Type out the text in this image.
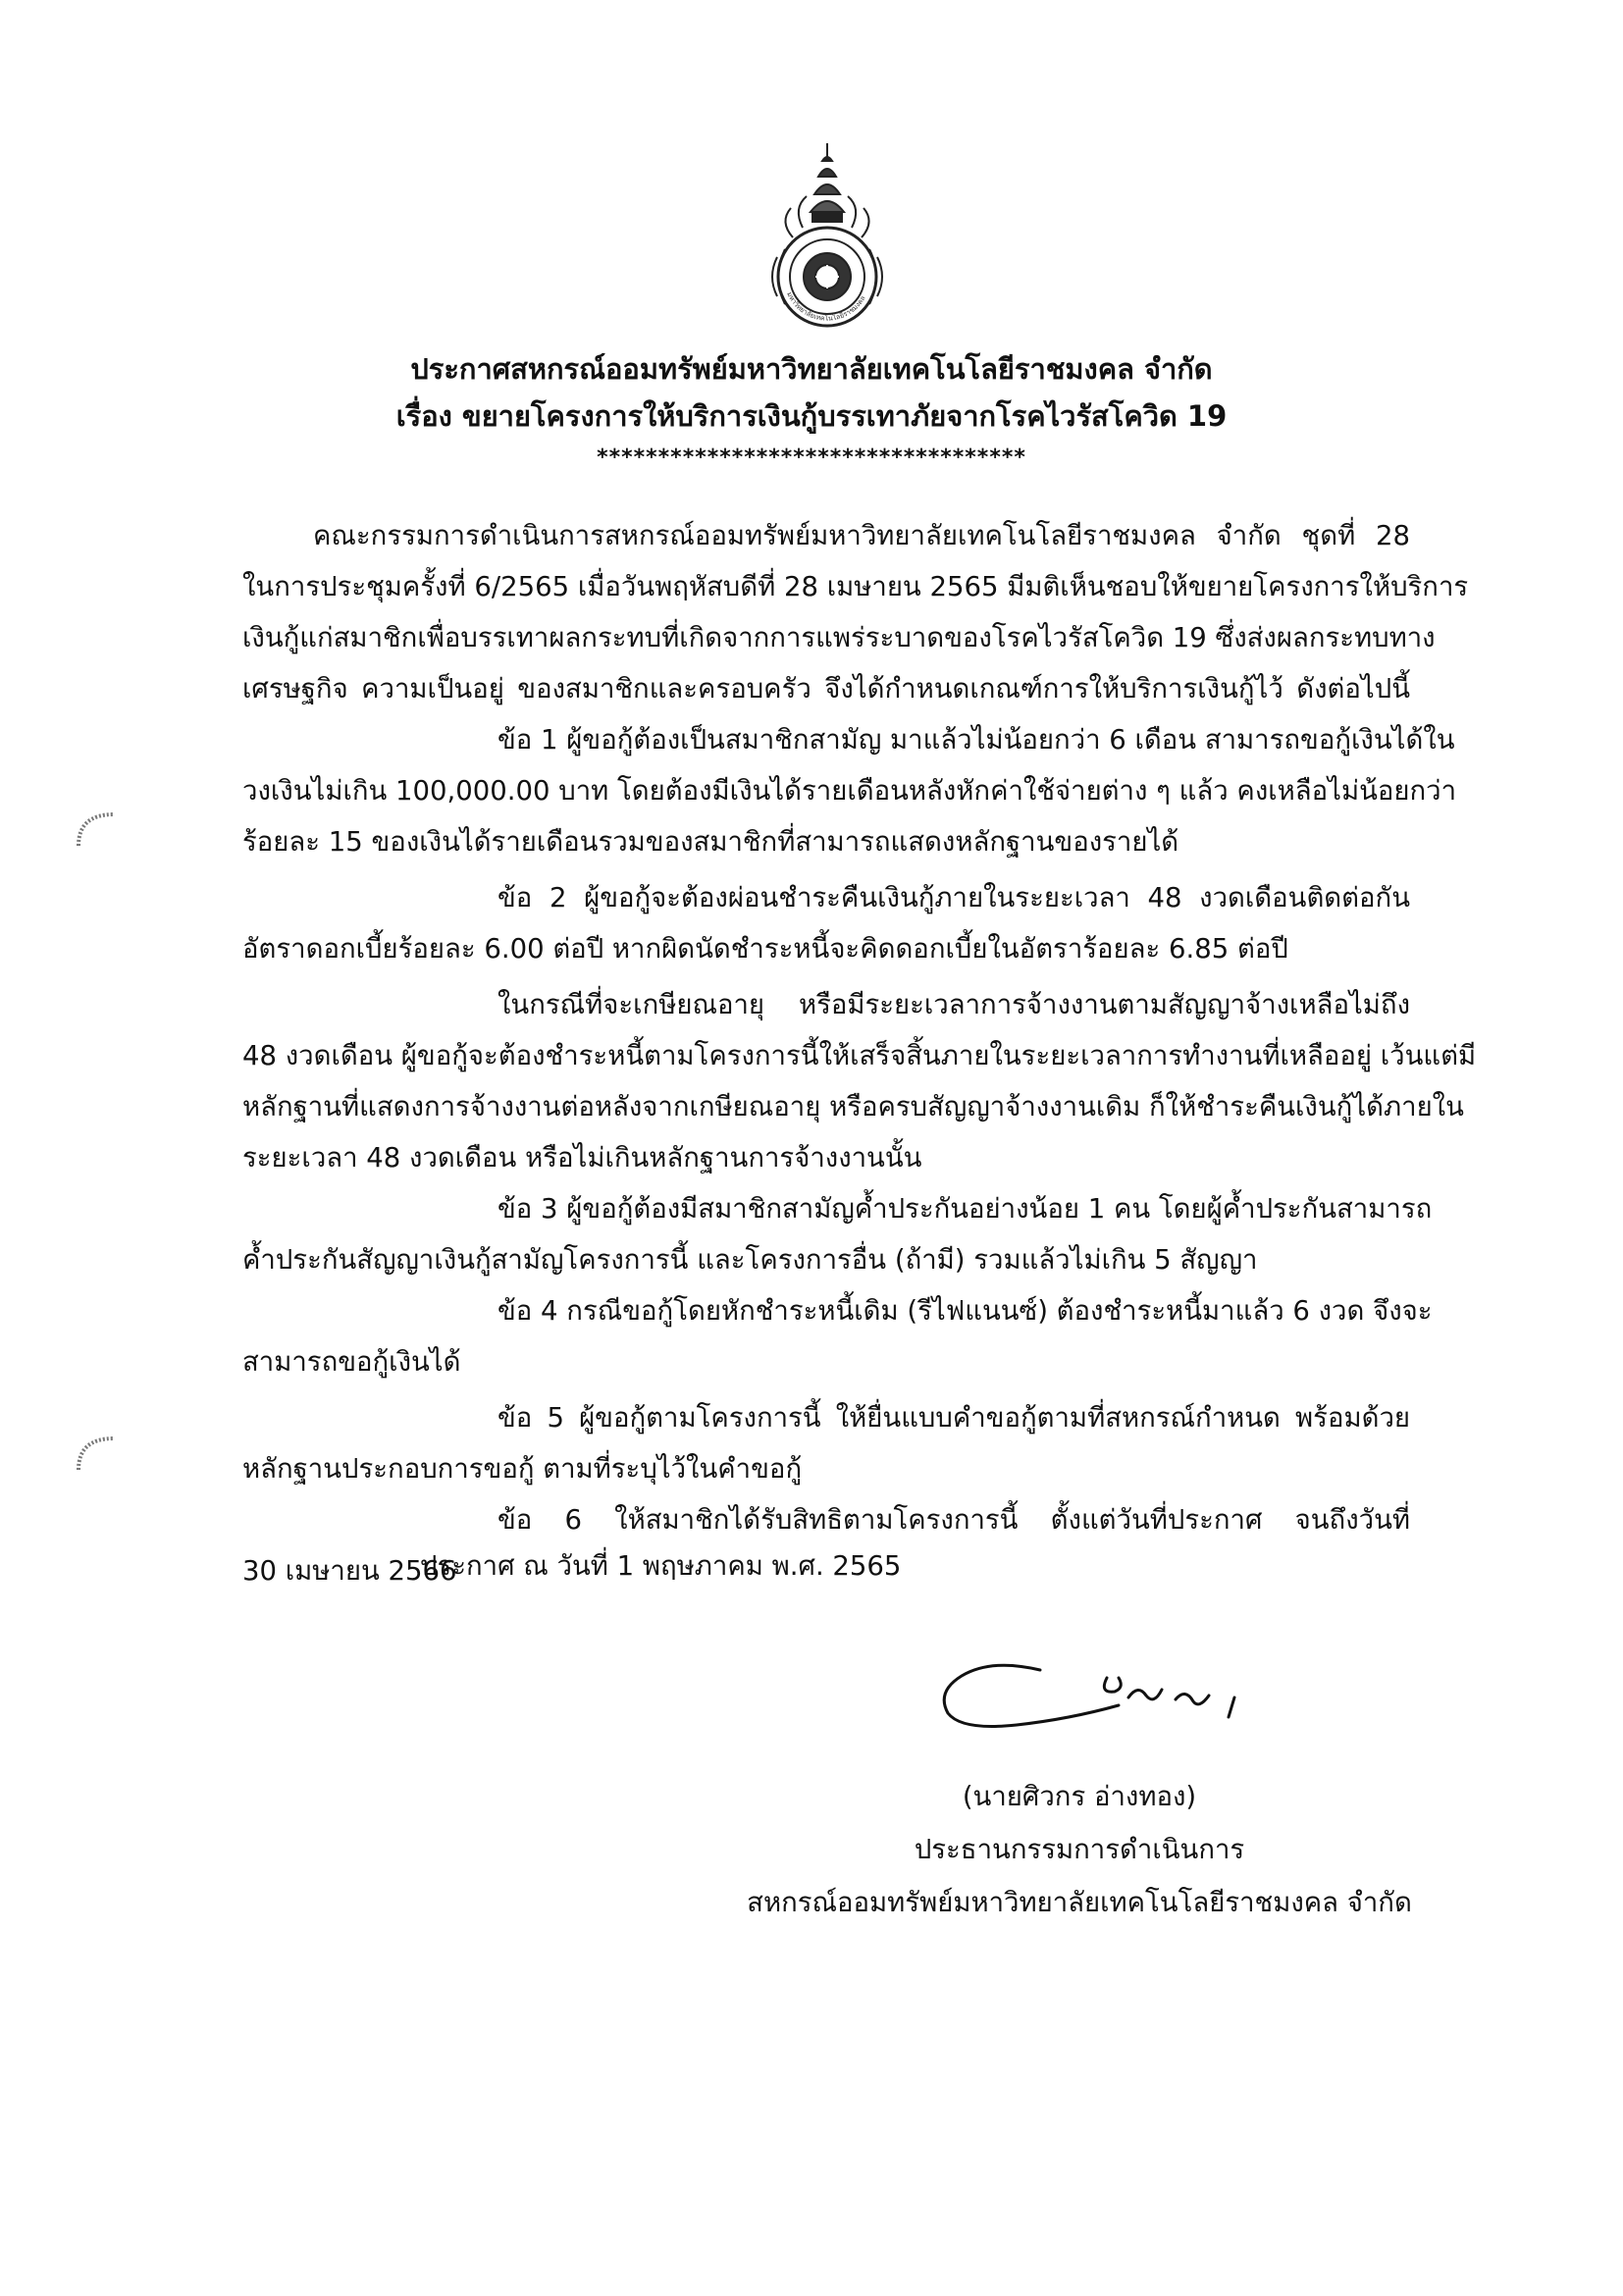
มหาวิทยาลัยเทคโนโลยีราชมงคล
ประกาศสหกรณ์ออมทรัพย์มหาวิทยาลัยเทคโนโลยีราชมงคล จำกัด
เรื่อง ขยายโครงการให้บริการเงินกู้บรรเทาภัยจากโรคไวรัสโควิด 19
***********************************
คณะกรรมการดำเนินการสหกรณ์ออมทรัพย์มหาวิทยาลัยเทคโนโลยีราชมงคล จำกัด ชุดที่ 28
ในการประชุมครั้งที่ 6/2565 เมื่อวันพฤหัสบดีที่ 28 เมษายน 2565 มีมติเห็นชอบให้ขยายโครงการให้บริการ
เงินกู้แก่สมาชิกเพื่อบรรเทาผลกระทบที่เกิดจากการแพร่ระบาดของโรคไวรัสโควิด 19 ซึ่งส่งผลกระทบทาง
เศรษฐกิจ ความเป็นอยู่ ของสมาชิกและครอบครัว จึงได้กำหนดเกณฑ์การให้บริการเงินกู้ไว้ ดังต่อไปนี้
ข้อ 1 ผู้ขอกู้ต้องเป็นสมาชิกสามัญ มาแล้วไม่น้อยกว่า 6 เดือน สามารถขอกู้เงินได้ใน
วงเงินไม่เกิน 100,000.00 บาท โดยต้องมีเงินได้รายเดือนหลังหักค่าใช้จ่ายต่าง ๆ แล้ว คงเหลือไม่น้อยกว่า
ร้อยละ 15 ของเงินได้รายเดือนรวมของสมาชิกที่สามารถแสดงหลักฐานของรายได้
ข้อ 2 ผู้ขอกู้จะต้องผ่อนชำระคืนเงินกู้ภายในระยะเวลา 48 งวดเดือนติดต่อกัน
อัตราดอกเบี้ยร้อยละ 6.00 ต่อปี หากผิดนัดชำระหนี้จะคิดดอกเบี้ยในอัตราร้อยละ 6.85 ต่อปี
ในกรณีที่จะเกษียณอายุ หรือมีระยะเวลาการจ้างงานตามสัญญาจ้างเหลือไม่ถึง
48 งวดเดือน ผู้ขอกู้จะต้องชำระหนี้ตามโครงการนี้ให้เสร็จสิ้นภายในระยะเวลาการทำงานที่เหลืออยู่ เว้นแต่มี
หลักฐานที่แสดงการจ้างงานต่อหลังจากเกษียณอายุ หรือครบสัญญาจ้างงานเดิม ก็ให้ชำระคืนเงินกู้ได้ภายใน
ระยะเวลา 48 งวดเดือน หรือไม่เกินหลักฐานการจ้างงานนั้น
ข้อ 3 ผู้ขอกู้ต้องมีสมาชิกสามัญค้ำประกันอย่างน้อย 1 คน โดยผู้ค้ำประกันสามารถ
ค้ำประกันสัญญาเงินกู้สามัญโครงการนี้ และโครงการอื่น (ถ้ามี) รวมแล้วไม่เกิน 5 สัญญา
ข้อ 4 กรณีขอกู้โดยหักชำระหนี้เดิม (รีไฟแนนซ์) ต้องชำระหนี้มาแล้ว 6 งวด จึงจะ
สามารถขอกู้เงินได้
ข้อ 5 ผู้ขอกู้ตามโครงการนี้ ให้ยื่นแบบคำขอกู้ตามที่สหกรณ์กำหนด พร้อมด้วย
หลักฐานประกอบการขอกู้ ตามที่ระบุไว้ในคำขอกู้
ข้อ 6 ให้สมาชิกได้รับสิทธิตามโครงการนี้ ตั้งแต่วันที่ประกาศ จนถึงวันที่
30 เมษายน 2566
ประกาศ ณ วันที่ 1 พฤษภาคม พ.ศ. 2565
(นายศิวกร อ่างทอง)
ประธานกรรมการดำเนินการ
สหกรณ์ออมทรัพย์มหาวิทยาลัยเทคโนโลยีราชมงคล จำกัด
